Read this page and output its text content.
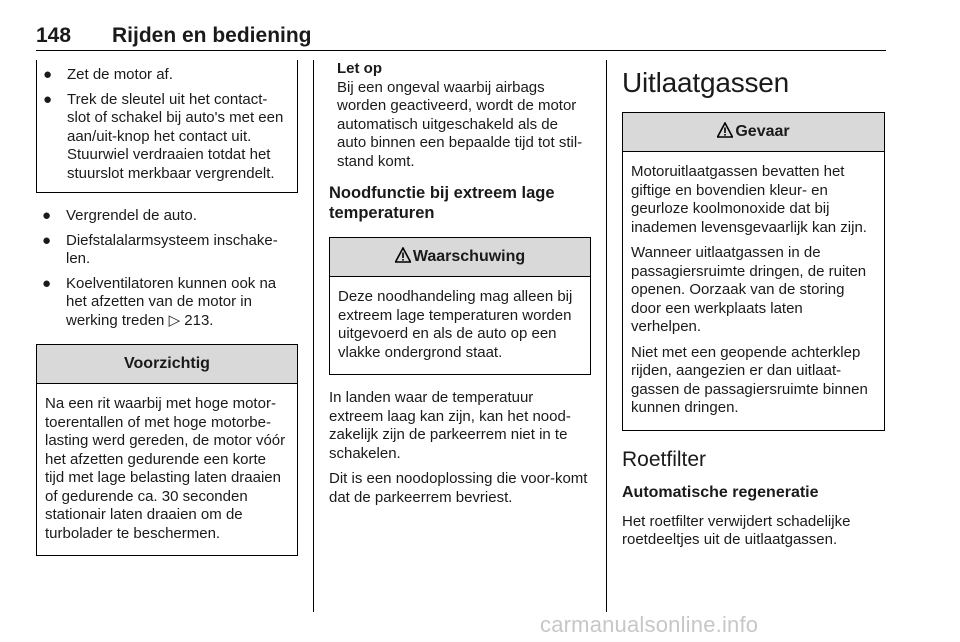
148 Rijden en bediening
● Zet de motor af.
● Trek de sleutel uit het contact-slot of schakel bij auto's met een aan/uit-knop het contact uit. Stuurwiel verdraaien totdat het stuurslot merkbaar vergrendelt.
● Vergrendel de auto.
● Diefstalalarmsysteem inschake-len.
● Koelventilatoren kunnen ook na het afzetten van de motor in werking treden ▷ 213.
Voorzichtig

Na een rit waarbij met hoge motor-toerentallen of met hoge motorbe-lasting werd gereden, de motor vóór het afzetten gedurende een korte tijd met lage belasting laten draaien of gedurende ca. 30 seconden stationair laten draaien om de turbolader te beschermen.

Let op

Bij een ongeval waarbij airbags worden geactiveerd, wordt de motor automatisch uitgeschakeld als de auto binnen een bepaalde tijd tot stil-stand komt.

Noodfunctie bij extreem lage temperaturen
Waarschuwing

Deze noodhandeling mag alleen bij extreem lage temperaturen worden uitgevoerd en als de auto op een vlakke ondergrond staat.

In landen waar de temperatuur extreem laag kan zijn, kan het nood-zakelijk zijn de parkeerrem niet in te schakelen.

Dit is een noodoplossing die voor-komt dat de parkeerrem bevriest.

Uitlaatgassen
Gevaar

Motoruitlaatgassen bevatten het giftige en bovendien kleur- en geurloze koolmonoxide dat bij inademen levensgevaarlijk kan zijn.

Wanneer uitlaatgassen in de passagiersruimte dringen, de ruiten openen. Oorzaak van de storing door een werkplaats laten verhelpen.

Niet met een geopende achterklep rijden, aangezien er dan uitlaat-gassen de passagiersruimte binnen kunnen dringen.

Roetfilter
Automatische regeneratie

Het roetfilter verwijdert schadelijke roetdeeltjes uit de uitlaatgassen.

carmanualsonline.info
